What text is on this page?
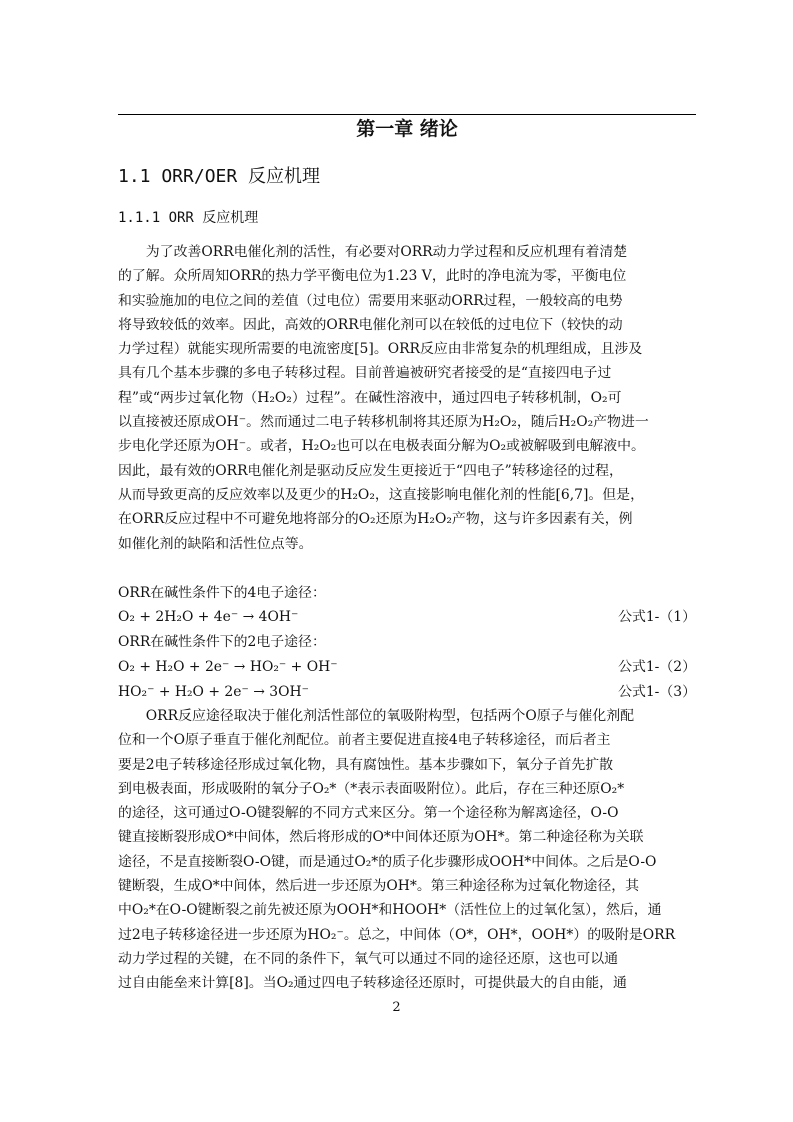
第一章 绪论
1.1 ORR/OER 反应机理
1.1.1 ORR 反应机理
　　为了改善ORR电催化剂的活性，有必要对ORR动力学过程和反应机理有着清楚
的了解。众所周知ORR的热力学平衡电位为1.23 V，此时的净电流为零，平衡电位
和实验施加的电位之间的差值（过电位）需要用来驱动ORR过程，一般较高的电势
将导致较低的效率。因此，高效的ORR电催化剂可以在较低的过电位下（较快的动
力学过程）就能实现所需要的电流密度[5]。ORR反应由非常复杂的机理组成，且涉及
具有几个基本步骤的多电子转移过程。目前普遍被研究者接受的是“直接四电子过
程”或“两步过氧化物（H₂O₂）过程”。在碱性溶液中，通过四电子转移机制，O₂可
以直接被还原成OH⁻。然而通过二电子转移机制将其还原为H₂O₂，随后H₂O₂产物进一
步电化学还原为OH⁻。或者，H₂O₂也可以在电极表面分解为O₂或被解吸到电解液中。
因此，最有效的ORR电催化剂是驱动反应发生更接近于“四电子”转移途径的过程，
从而导致更高的反应效率以及更少的H₂O₂，这直接影响电催化剂的性能[6,7]。但是，
在ORR反应过程中不可避免地将部分的O₂还原为H₂O₂产物，这与许多因素有关，例
如催化剂的缺陷和活性位点等。
ORR在碱性条件下的4电子途径：
O₂ + 2H₂O + 4e⁻ → 4OH⁻	公式1-（1）
ORR在碱性条件下的2电子途径：
O₂ + H₂O + 2e⁻ → HO₂⁻ + OH⁻	公式1-（2）
HO₂⁻ + H₂O + 2e⁻ → 3OH⁻	公式1-（3）
　　ORR反应途径取决于催化剂活性部位的氧吸附构型，包括两个O原子与催化剂配
位和一个O原子垂直于催化剂配位。前者主要促进直接4电子转移途径，而后者主
要是2电子转移途径形成过氧化物，具有腐蚀性。基本步骤如下，氧分子首先扩散
到电极表面，形成吸附的氧分子O₂*（*表示表面吸附位）。此后，存在三种还原O₂*
的途径，这可通过O-O键裂解的不同方式来区分。第一个途径称为解离途径，O-O
键直接断裂形成O*中间体，然后将形成的O*中间体还原为OH*。第二种途径称为关联
途径，不是直接断裂O-O键，而是通过O₂*的质子化步骤形成OOH*中间体。之后是O-O
键断裂，生成O*中间体，然后进一步还原为OH*。第三种途径称为过氧化物途径，其
中O₂*在O-O键断裂之前先被还原为OOH*和HOOH*（活性位上的过氧化氢），然后，通
过2电子转移途径进一步还原为HO₂⁻。总之，中间体（O*，OH*，OOH*）的吸附是ORR
动力学过程的关键，在不同的条件下，氧气可以通过不同的途径还原，这也可以通
过自由能垒来计算[8]。当O₂通过四电子转移途径还原时，可提供最大的自由能，通
2
